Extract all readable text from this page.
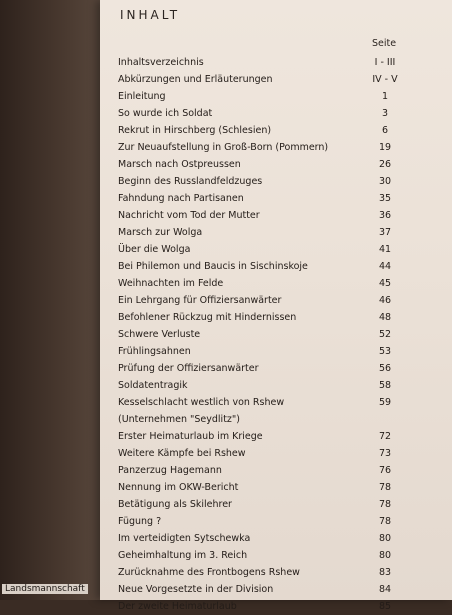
INHALT
Seite
Inhaltsverzeichnis	I - III
Abkürzungen und Erläuterungen	IV - V
Einleitung	1
So wurde ich Soldat	3
Rekrut in Hirschberg (Schlesien)	6
Zur Neuaufstellung in Groß-Born (Pommern)	19
Marsch nach Ostpreussen	26
Beginn des Russlandfeldzuges	30
Fahndung nach Partisanen	35
Nachricht vom Tod der Mutter	36
Marsch zur Wolga	37
Über die Wolga	41
Bei Philemon und Baucis in Sischinskoje	44
Weihnachten im Felde	45
Ein Lehrgang für Offiziersanwärter	46
Befohlener Rückzug mit Hindernissen	48
Schwere Verluste	52
Frühlingsahnen	53
Prüfung der Offiziersanwärter	56
Soldatentragik	58
Kesselschlacht westlich von Rshew	59
(Unternehmen "Seydlitz")
Erster Heimaturlaub im Kriege	72
Weitere Kämpfe bei Rshew	73
Panzerzug Hagemann	76
Nennung im OKW-Bericht	78
Betätigung als Skilehrer	78
Fügung ?	78
Im verteidigten Sytschewka	80
Geheimhaltung im 3. Reich	80
Zurücknahme des Frontbogens Rshew	83
Neue Vorgesetzte in der Division	84
Der zweite Heimaturlaub	85
Landsmannschaft
